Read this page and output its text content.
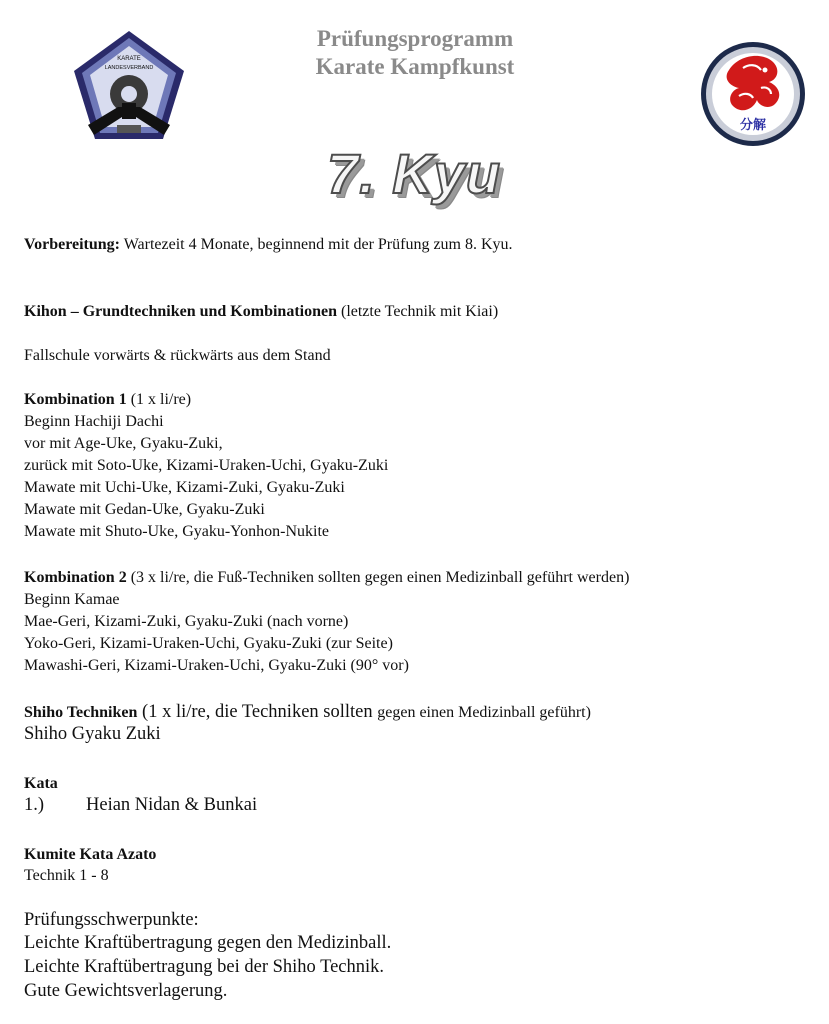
KARATE
LANDESVERBAND
Prüfungsprogramm
Karate Kampfkunst
分解
7. Kyu
Vorbereitung: Wartezeit 4 Monate, beginnend mit der Prüfung zum 8. Kyu.
Kihon – Grundtechniken und Kombinationen (letzte Technik mit Kiai)
Fallschule vorwärts & rückwärts aus dem Stand
Kombination 1 (1 x li/re)
Beginn Hachiji Dachi
vor mit Age-Uke, Gyaku-Zuki,
zurück mit Soto-Uke, Kizami-Uraken-Uchi, Gyaku-Zuki
Mawate mit Uchi-Uke, Kizami-Zuki, Gyaku-Zuki
Mawate mit Gedan-Uke, Gyaku-Zuki
Mawate mit Shuto-Uke, Gyaku-Yonhon-Nukite
Kombination 2 (3 x li/re, die Fuß-Techniken sollten gegen einen Medizinball geführt werden)
Beginn Kamae
Mae-Geri, Kizami-Zuki, Gyaku-Zuki (nach vorne)
Yoko-Geri, Kizami-Uraken-Uchi, Gyaku-Zuki (zur Seite)
Mawashi-Geri, Kizami-Uraken-Uchi, Gyaku-Zuki (90° vor)
Shiho Techniken (1 x li/re, die Techniken sollten gegen einen Medizinball geführt)
Shiho Gyaku Zuki
Kata
1.) Heian Nidan & Bunkai
Kumite Kata Azato
Technik 1 - 8
Prüfungsschwerpunkte:
Leichte Kraftübertragung gegen den Medizinball.
Leichte Kraftübertragung bei der Shiho Technik.
Gute Gewichtsverlagerung.
